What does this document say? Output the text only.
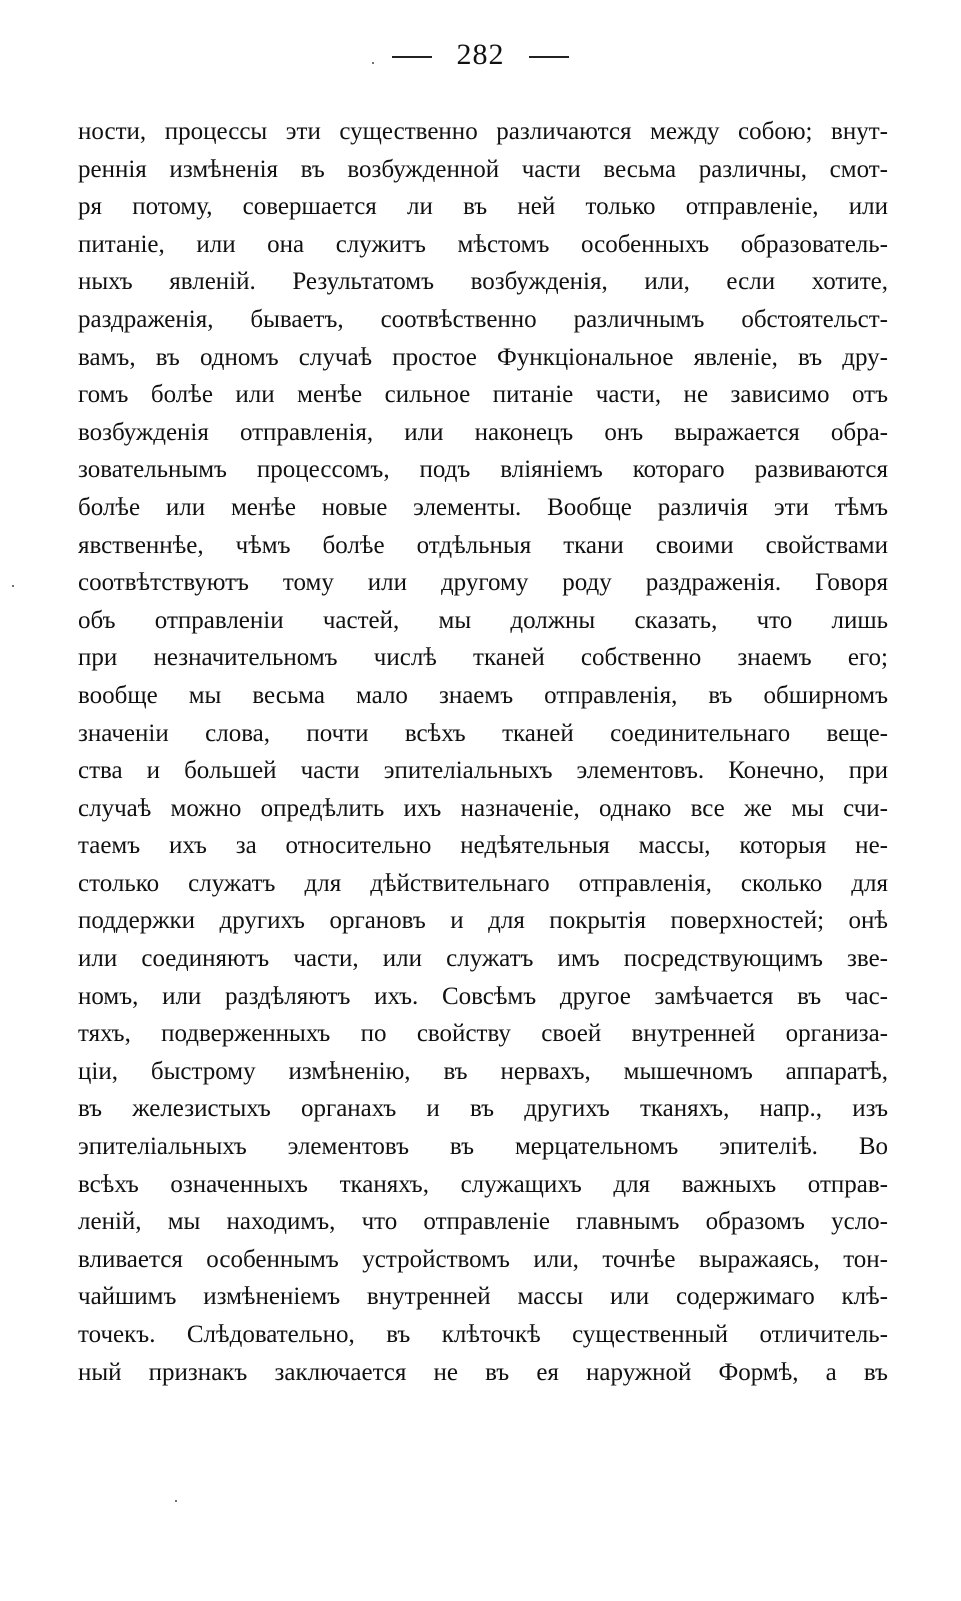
282
ности, процессы эти существенно различаются между собою; внут-
реннія измѣненія въ возбужденной части весьма различны, смот-
ря потому, совершается ли въ ней только отправленіе, или
питаніе, или она служитъ мѣстомъ особенныхъ образователь-
ныхъ явленій. Результатомъ возбужденія, или, если хотите,
раздраженія, бываетъ, соотвѣственно различнымъ обстоятельст-
вамъ, въ одномъ случаѣ простое Функціональное явленіе, въ дру-
гомъ болѣе или менѣе сильное питаніе части, не зависимо отъ
возбужденія отправленія, или наконецъ онъ выражается обра-
зовательнымъ процессомъ, подъ вліяніемъ котораго развиваются
болѣе или менѣе новые элементы. Вообще различія эти тѣмъ
явственнѣе, чѣмъ болѣе отдѣльныя ткани своими свойствами
соотвѣтствуютъ тому или другому роду раздраженія. Говоря
объ отправленіи частей, мы должны сказать, что лишь
при незначительномъ числѣ тканей собственно знаемъ его;
вообще мы весьма мало знаемъ отправленія, въ обширномъ
значеніи слова, почти всѣхъ тканей соединительнаго веще-
ства и большей части эпителіальныхъ элементовъ. Конечно, при
случаѣ можно опредѣлить ихъ назначеніе, однако все же мы счи-
таемъ ихъ за относительно недѣятельныя массы, которыя не-
столько служатъ для дѣйствительнаго отправленія, сколько для
поддержки другихъ органовъ и для покрытія поверхностей; онѣ
или соединяютъ части, или служатъ имъ посредствующимъ зве-
номъ, или раздѣляютъ ихъ. Совсѣмъ другое замѣчается въ час-
тяхъ, подверженныхъ по свойству своей внутренней организа-
ціи, быстрому измѣненію, въ нервахъ, мышечномъ аппаратѣ,
въ железистыхъ органахъ и въ другихъ тканяхъ, напр., изъ
эпителіальныхъ элементовъ въ мерцательномъ эпителіѣ. Во
всѣхъ означенныхъ тканяхъ, служащихъ для важныхъ отправ-
леній, мы находимъ, что отправленіе главнымъ образомъ усло-
вливается особеннымъ устройствомъ или, точнѣе выражаясь, тон-
чайшимъ измѣненіемъ внутренней массы или содержимаго клѣ-
точекъ. Слѣдовательно, въ клѣточкѣ существенный отличитель-
ный признакъ заключается не въ ея наружной Формѣ, а въ
